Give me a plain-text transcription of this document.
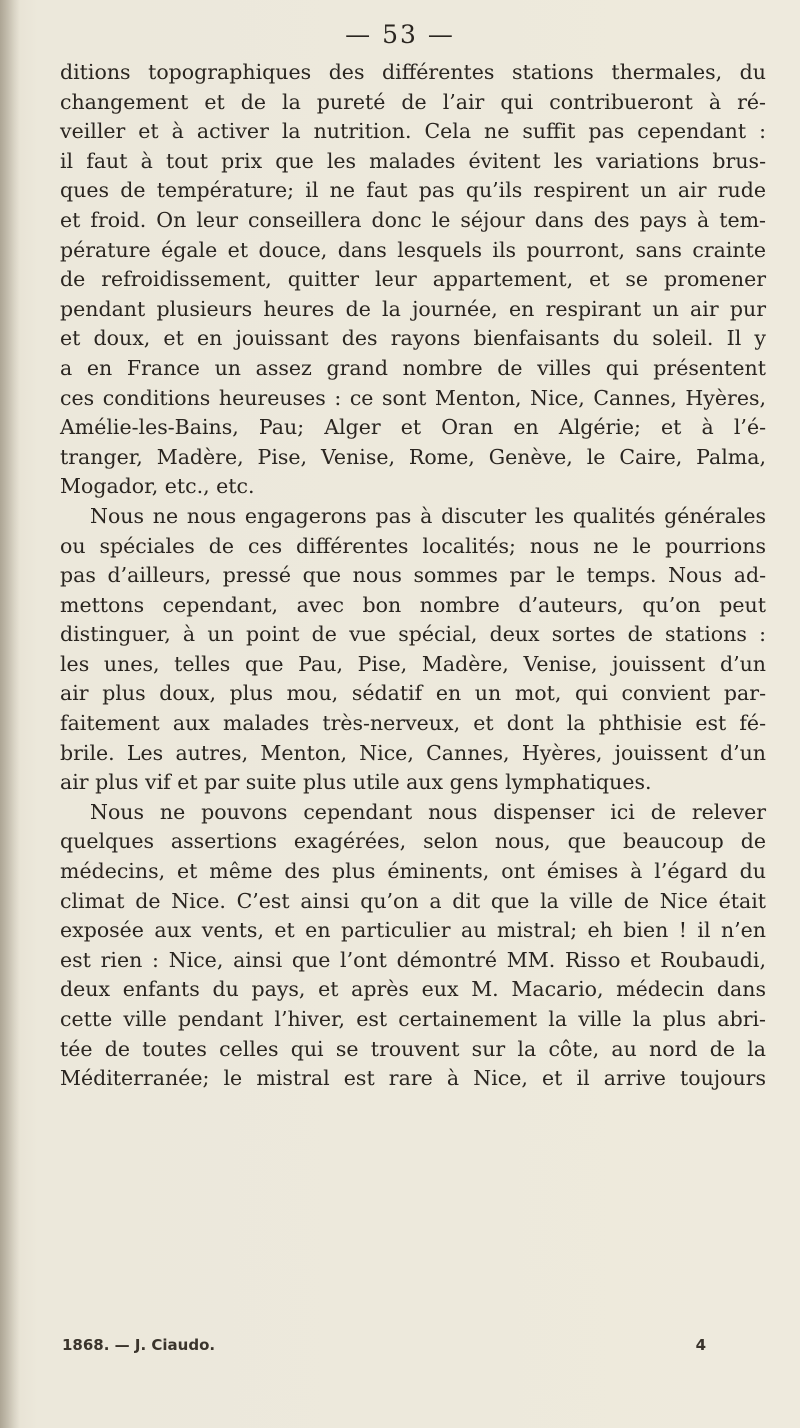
— 53 —
ditions topographiques des différentes stations thermales, du
changement et de la pureté de l’air qui contribueront à ré-
veiller et à activer la nutrition. Cela ne suffit pas cependant :
il faut à tout prix que les malades évitent les variations brus-
ques de température; il ne faut pas qu’ils respirent un air rude
et froid. On leur conseillera donc le séjour dans des pays à tem-
pérature égale et douce, dans lesquels ils pourront, sans crainte
de refroidissement, quitter leur appartement, et se promener
pendant plusieurs heures de la journée, en respirant un air pur
et doux, et en jouissant des rayons bienfaisants du soleil. Il y
a en France un assez grand nombre de villes qui présentent
ces conditions heureuses : ce sont Menton, Nice, Cannes, Hyères,
Amélie-les-Bains, Pau; Alger et Oran en Algérie; et à l’é-
tranger, Madère, Pise, Venise, Rome, Genève, le Caire, Palma,
Mogador, etc., etc.
Nous ne nous engagerons pas à discuter les qualités générales
ou spéciales de ces différentes localités; nous ne le pourrions
pas d’ailleurs, pressé que nous sommes par le temps. Nous ad-
mettons cependant, avec bon nombre d’auteurs, qu’on peut
distinguer, à un point de vue spécial, deux sortes de stations :
les unes, telles que Pau, Pise, Madère, Venise, jouissent d’un
air plus doux, plus mou, sédatif en un mot, qui convient par-
faitement aux malades très-nerveux, et dont la phthisie est fé-
brile. Les autres, Menton, Nice, Cannes, Hyères, jouissent d’un
air plus vif et par suite plus utile aux gens lymphatiques.
Nous ne pouvons cependant nous dispenser ici de relever
quelques assertions exagérées, selon nous, que beaucoup de
médecins, et même des plus éminents, ont émises à l’égard du
climat de Nice. C’est ainsi qu’on a dit que la ville de Nice était
exposée aux vents, et en particulier au mistral; eh bien ! il n’en
est rien : Nice, ainsi que l’ont démontré MM. Risso et Roubaudi,
deux enfants du pays, et après eux M. Macario, médecin dans
cette ville pendant l’hiver, est certainement la ville la plus abri-
tée de toutes celles qui se trouvent sur la côte, au nord de la
Méditerranée; le mistral est rare à Nice, et il arrive toujours
1868. — J. Ciaudo.	4
